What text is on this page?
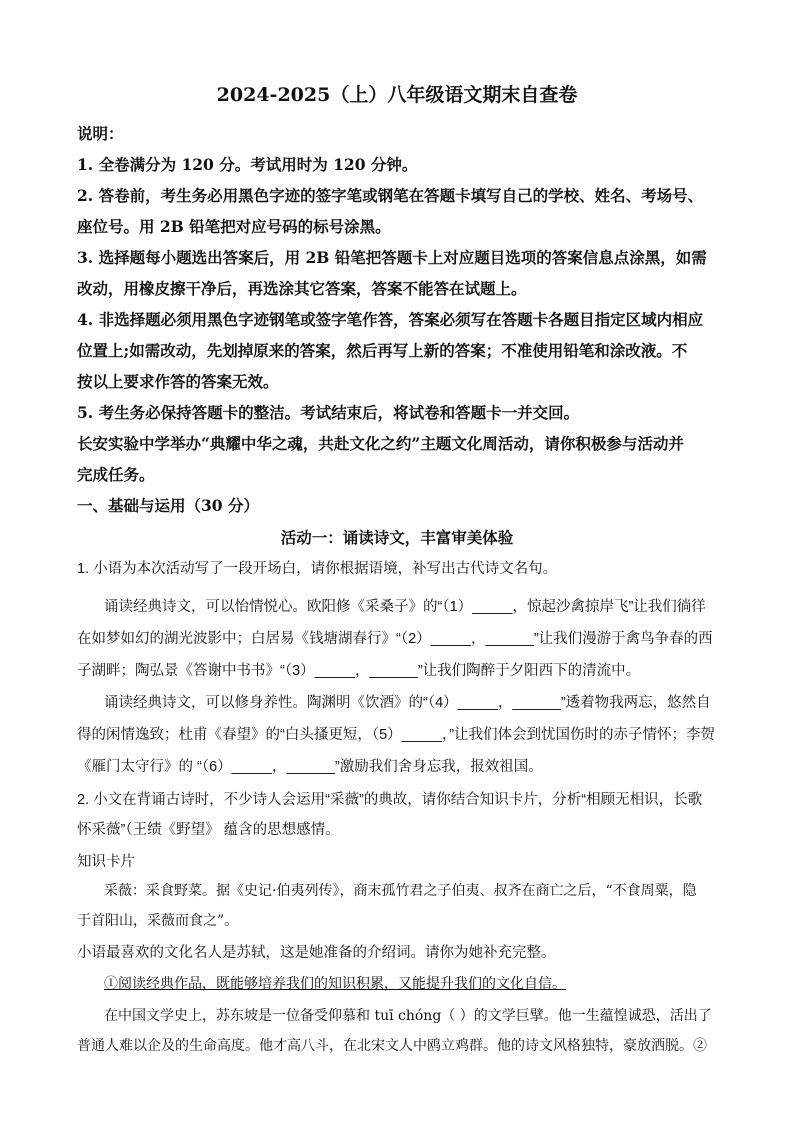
2024-2025（上）八年级语文期末自查卷
说明：
1. 全卷满分为 120 分。考试用时为 120 分钟。
2. 答卷前，考生务必用黑色字迹的签字笔或钢笔在答题卡填写自己的学校、姓名、考场号、
座位号。用 2B 铅笔把对应号码的标号涂黑。
3. 选择题每小题选出答案后，用 2B 铅笔把答题卡上对应题目选项的答案信息点涂黑，如需
改动，用橡皮擦干净后，再选涂其它答案，答案不能答在试题上。
4. 非选择题必须用黑色字迹钢笔或签字笔作答，答案必须写在答题卡各题目指定区域内相应
位置上;如需改动，先划掉原来的答案，然后再写上新的答案；不准使用铅笔和涂改液。不
按以上要求作答的答案无效。
5. 考生务必保持答题卡的整洁。考试结束后，将试卷和答题卡一并交回。
长安实验中学举办“典耀中华之魂，共赴文化之约”主题文化周活动，请你积极参与活动并
完成任务。
一、基础与运用（30 分）
活动一：诵读诗文，丰富审美体验
1. 小语为本次活动写了一段开场白，请你根据语境，补写出古代诗文名句。
诵读经典诗文，可以怡情悦心。欧阳修《采桑子》的“（1）_____，惊起沙禽掠岸飞”让我们徜徉
在如梦如幻的湖光波影中；白居易《钱塘湖春行》“（2）_____，______”让我们漫游于禽鸟争春的西
子湖畔；陶弘景《答谢中书书》“（3）_____，______”让我们陶醉于夕阳西下的清流中。
诵读经典诗文，可以修身养性。陶渊明《饮酒》的“（4）_____，______”透着物我两忘，悠然自
得的闲情逸致；杜甫《春望》的“白头搔更短，（5）_____，”让我们体会到忧国伤时的赤子情怀；李贺
《雁门太守行》的 “（6）_____，______”激励我们舍身忘我，报效祖国。
2. 小文在背诵古诗时，不少诗人会运用“采薇”的典故，请你结合知识卡片，分析“相顾无相识，长歌
怀采薇”（王绩《野望》 蕴含的思想感情。
知识卡片
采薇：采食野菜。据《史记·伯夷列传》，商末孤竹君之子伯夷、叔齐在商亡之后，“不食周粟，隐
于首阳山，采薇而食之”。
小语最喜欢的文化名人是苏轼，这是她准备的介绍词。请你为她补充完整。
①阅读经典作品，既能够培养我们的知识积累，又能提升我们的文化自信。
在中国文学史上，苏东坡是一位备受仰慕和 tuī chóng（ ）的文学巨擘。他一生蕴惶诚恐，活出了
普通人难以企及的生命高度。他才高八斗，在北宋文人中鸥立鸡群。他的诗文风格独特，豪放洒脱。②
